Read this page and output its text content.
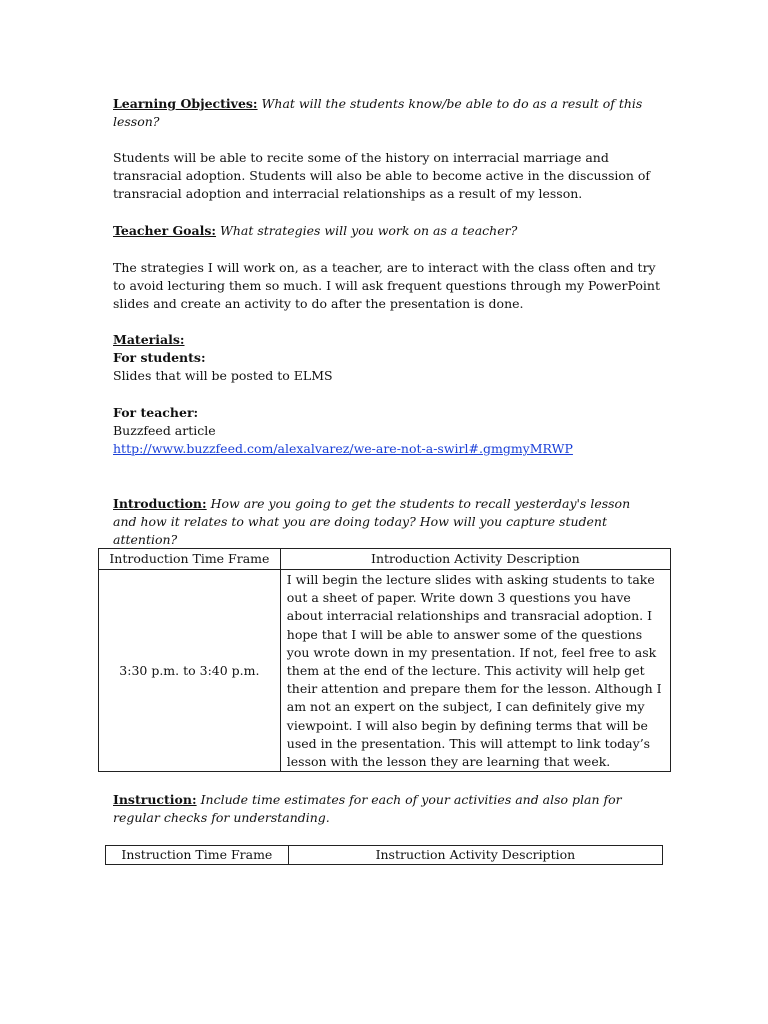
Learning Objectives: What will the students know/be able to do as a result of this lesson?
Students will be able to recite some of the history on interracial marriage and transracial adoption. Students will also be able to become active in the discussion of transracial adoption and interracial relationships as a result of my lesson.
Teacher Goals: What strategies will you work on as a teacher?
The strategies I will work on, as a teacher, are to interact with the class often and try to avoid lecturing them so much. I will ask frequent questions through my PowerPoint slides and create an activity to do after the presentation is done.
Materials:
For students:
Slides that will be posted to ELMS
For teacher:
Buzzfeed article
http://www.buzzfeed.com/alexalvarez/we-are-not-a-swirl#.gmgmyMRWP
Introduction: How are you going to get the students to recall yesterday's lesson and how it relates to what you are doing today? How will you capture student attention?
Introduction Time Frame	Introduction Activity Description
3:30 p.m. to 3:40 p.m.	I will begin the lecture slides with asking students to take out a sheet of paper. Write down 3 questions you have about interracial relationships and transracial adoption. I hope that I will be able to answer some of the questions you wrote down in my presentation. If not, feel free to ask them at the end of the lecture. This activity will help get their attention and prepare them for the lesson. Although I am not an expert on the subject, I can definitely give my viewpoint. I will also begin by defining terms that will be used in the presentation. This will attempt to link today’s lesson with the lesson they are learning that week.
Instruction: Include time estimates for each of your activities and also plan for regular checks for understanding.
Instruction Time Frame	Instruction Activity Description
